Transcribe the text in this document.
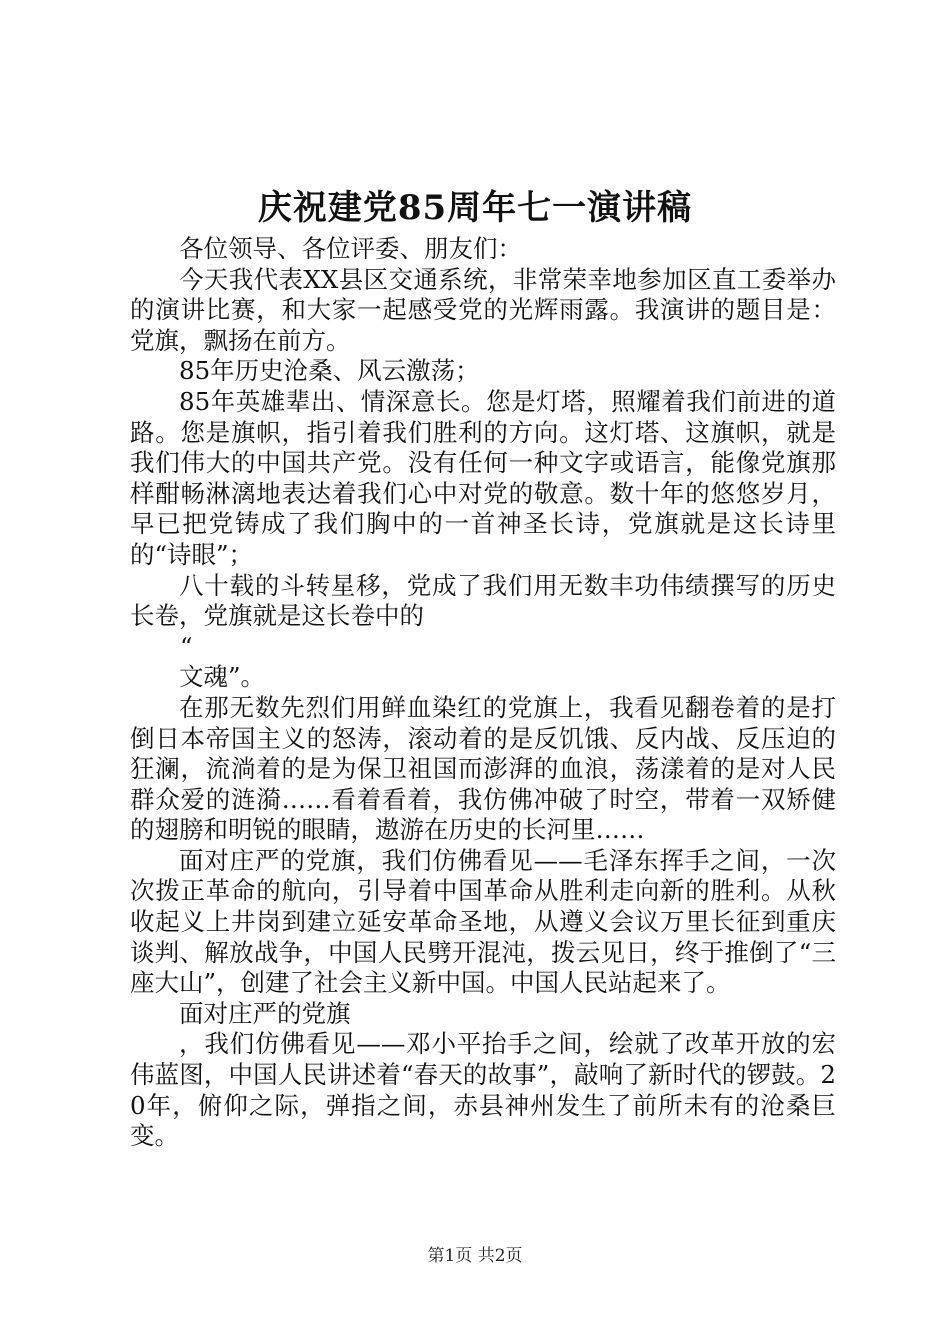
庆祝建党85周年七一演讲稿

各位领导、各位评委、朋友们：

今天我代表XX县区交通系统，非常荣幸地参加区直工委举办的演讲比赛，和大家一起感受党的光辉雨露。我演讲的题目是：党旗，飘扬在前方。

85年历史沧桑、风云激荡；

85年英雄辈出、情深意长。您是灯塔，照耀着我们前进的道路。您是旗帜，指引着我们胜利的方向。这灯塔、这旗帜，就是我们伟大的中国共产党。没有任何一种文字或语言，能像党旗那样酣畅淋漓地表达着我们心中对党的敬意。数十年的悠悠岁月，早已把党铸成了我们胸中的一首神圣长诗，党旗就是这长诗里的“诗眼”；

八十载的斗转星移，党成了我们用无数丰功伟绩撰写的历史长卷，党旗就是这长卷中的

“

文魂”。

在那无数先烈们用鲜血染红的党旗上，我看见翻卷着的是打倒日本帝国主义的怒涛，滚动着的是反饥饿、反内战、反压迫的狂澜，流淌着的是为保卫祖国而澎湃的血浪，荡漾着的是对人民群众爱的涟漪……看着看着，我仿佛冲破了时空，带着一双矫健的翅膀和明锐的眼睛，遨游在历史的长河里……

面对庄严的党旗，我们仿佛看见——毛泽东挥手之间，一次次拨正革命的航向，引导着中国革命从胜利走向新的胜利。从秋收起义上井岗到建立延安革命圣地，从遵义会议万里长征到重庆谈判、解放战争，中国人民劈开混沌，拨云见日，终于推倒了“三座大山”，创建了社会主义新中国。中国人民站起来了。

面对庄严的党旗

，我们仿佛看见——邓小平抬手之间，绘就了改革开放的宏伟蓝图，中国人民讲述着“春天的故事”，敲响了新时代的锣鼓。20年，俯仰之际，弹指之间，赤县神州发生了前所未有的沧桑巨变。

第1页 共2页
